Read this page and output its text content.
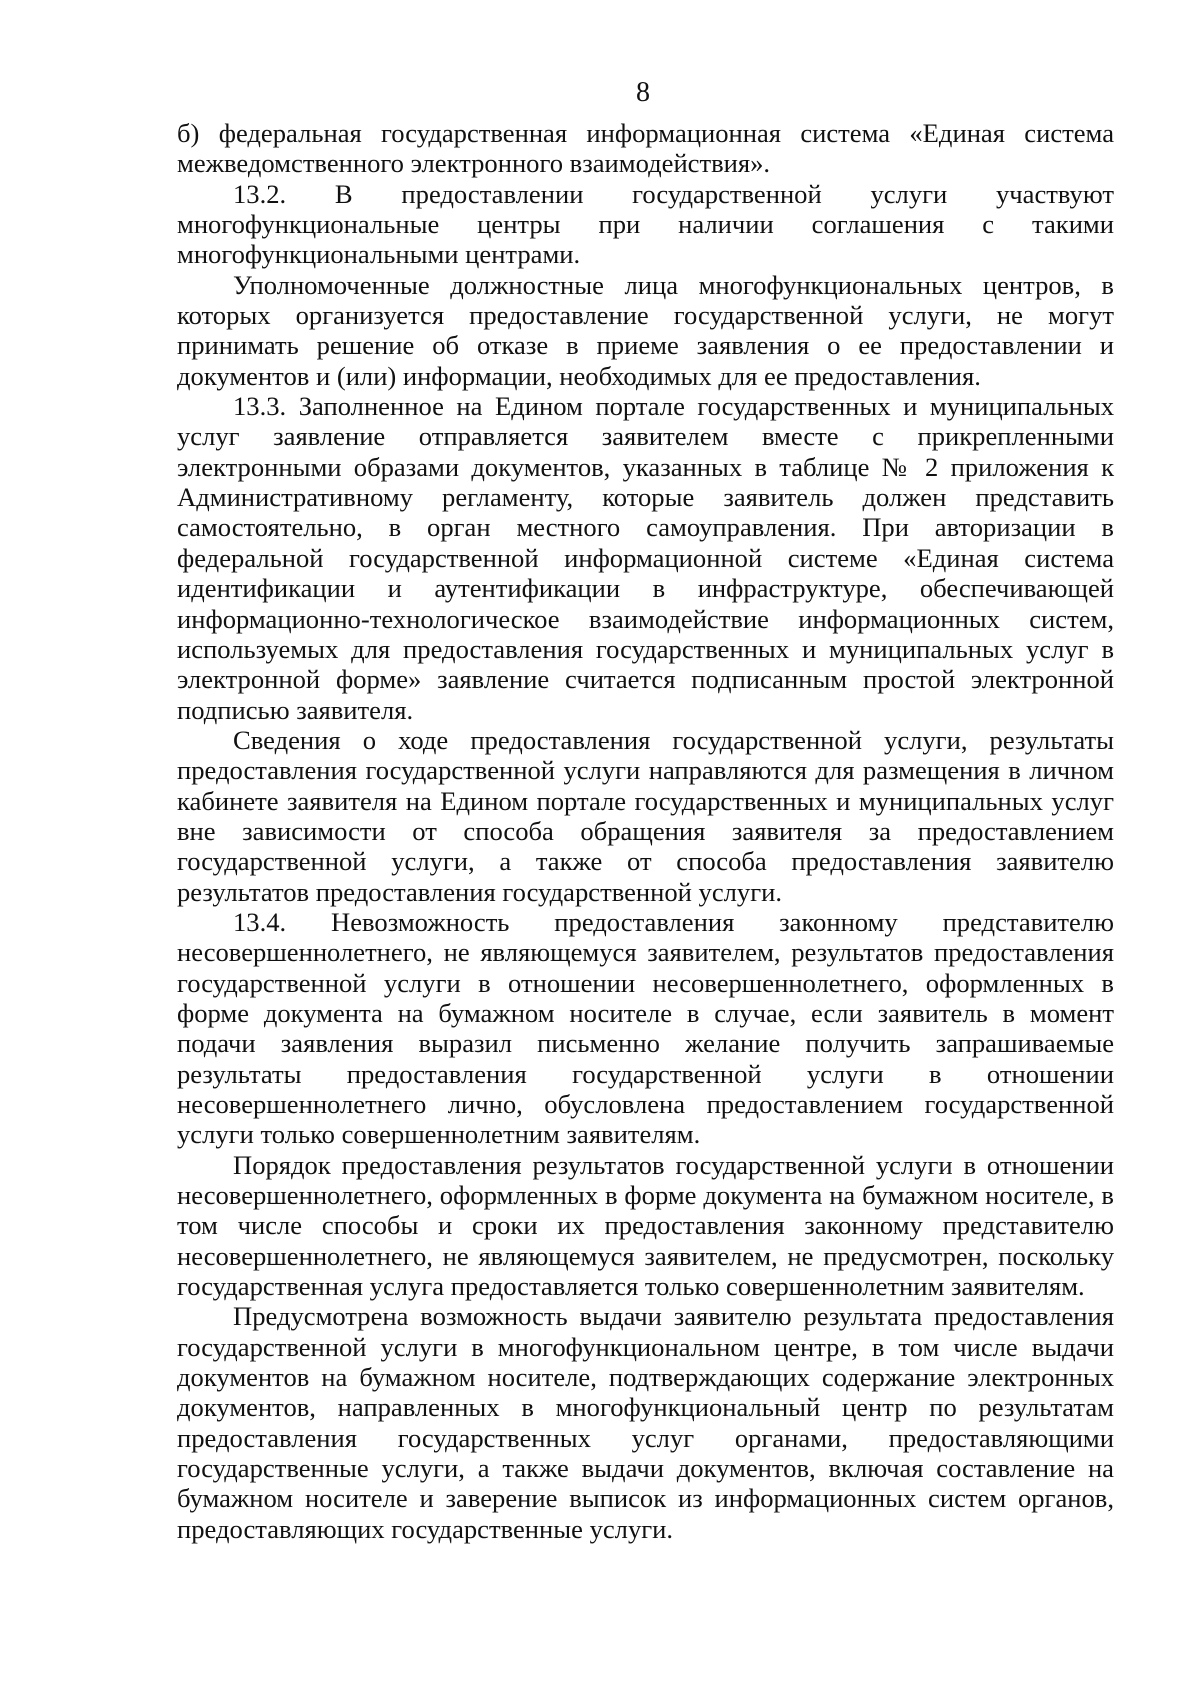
8

б) федеральная государственная информационная система «Единая система межведомственного электронного взаимодействия».

13.2. В предоставлении государственной услуги участвуют многофункциональные центры при наличии соглашения с такими многофункциональными центрами.

Уполномоченные должностные лица многофункциональных центров, в которых организуется предоставление государственной услуги, не могут принимать решение об отказе в приеме заявления о ее предоставлении и документов и (или) информации, необходимых для ее предоставления.

13.3. Заполненное на Едином портале государственных и муниципальных услуг заявление отправляется заявителем вместе с прикрепленными электронными образами документов, указанных в таблице № 2 приложения к Административному регламенту, которые заявитель должен представить самостоятельно, в орган местного самоуправления. При авторизации в федеральной государственной информационной системе «Единая система идентификации и аутентификации в инфраструктуре, обеспечивающей информационно-технологическое взаимодействие информационных систем, используемых для предоставления государственных и муниципальных услуг в электронной форме» заявление считается подписанным простой электронной подписью заявителя.

Сведения о ходе предоставления государственной услуги, результаты предоставления государственной услуги направляются для размещения в личном кабинете заявителя на Едином портале государственных и муниципальных услуг вне зависимости от способа обращения заявителя за предоставлением государственной услуги, а также от способа предоставления заявителю результатов предоставления государственной услуги.

13.4. Невозможность предоставления законному представителю несовершеннолетнего, не являющемуся заявителем, результатов предоставления государственной услуги в отношении несовершеннолетнего, оформленных в форме документа на бумажном носителе в случае, если заявитель в момент подачи заявления выразил письменно желание получить запрашиваемые результаты предоставления государственной услуги в отношении несовершеннолетнего лично, обусловлена предоставлением государственной услуги только совершеннолетним заявителям.

Порядок предоставления результатов государственной услуги в отношении несовершеннолетнего, оформленных в форме документа на бумажном носителе, в том числе способы и сроки их предоставления законному представителю несовершеннолетнего, не являющемуся заявителем, не предусмотрен, поскольку государственная услуга предоставляется только совершеннолетним заявителям.

Предусмотрена возможность выдачи заявителю результата предоставления государственной услуги в многофункциональном центре, в том числе выдачи документов на бумажном носителе, подтверждающих содержание электронных документов, направленных в многофункциональный центр по результатам предоставления государственных услуг органами, предоставляющими государственные услуги, а также выдачи документов, включая составление на бумажном носителе и заверение выписок из информационных систем органов, предоставляющих государственные услуги.
